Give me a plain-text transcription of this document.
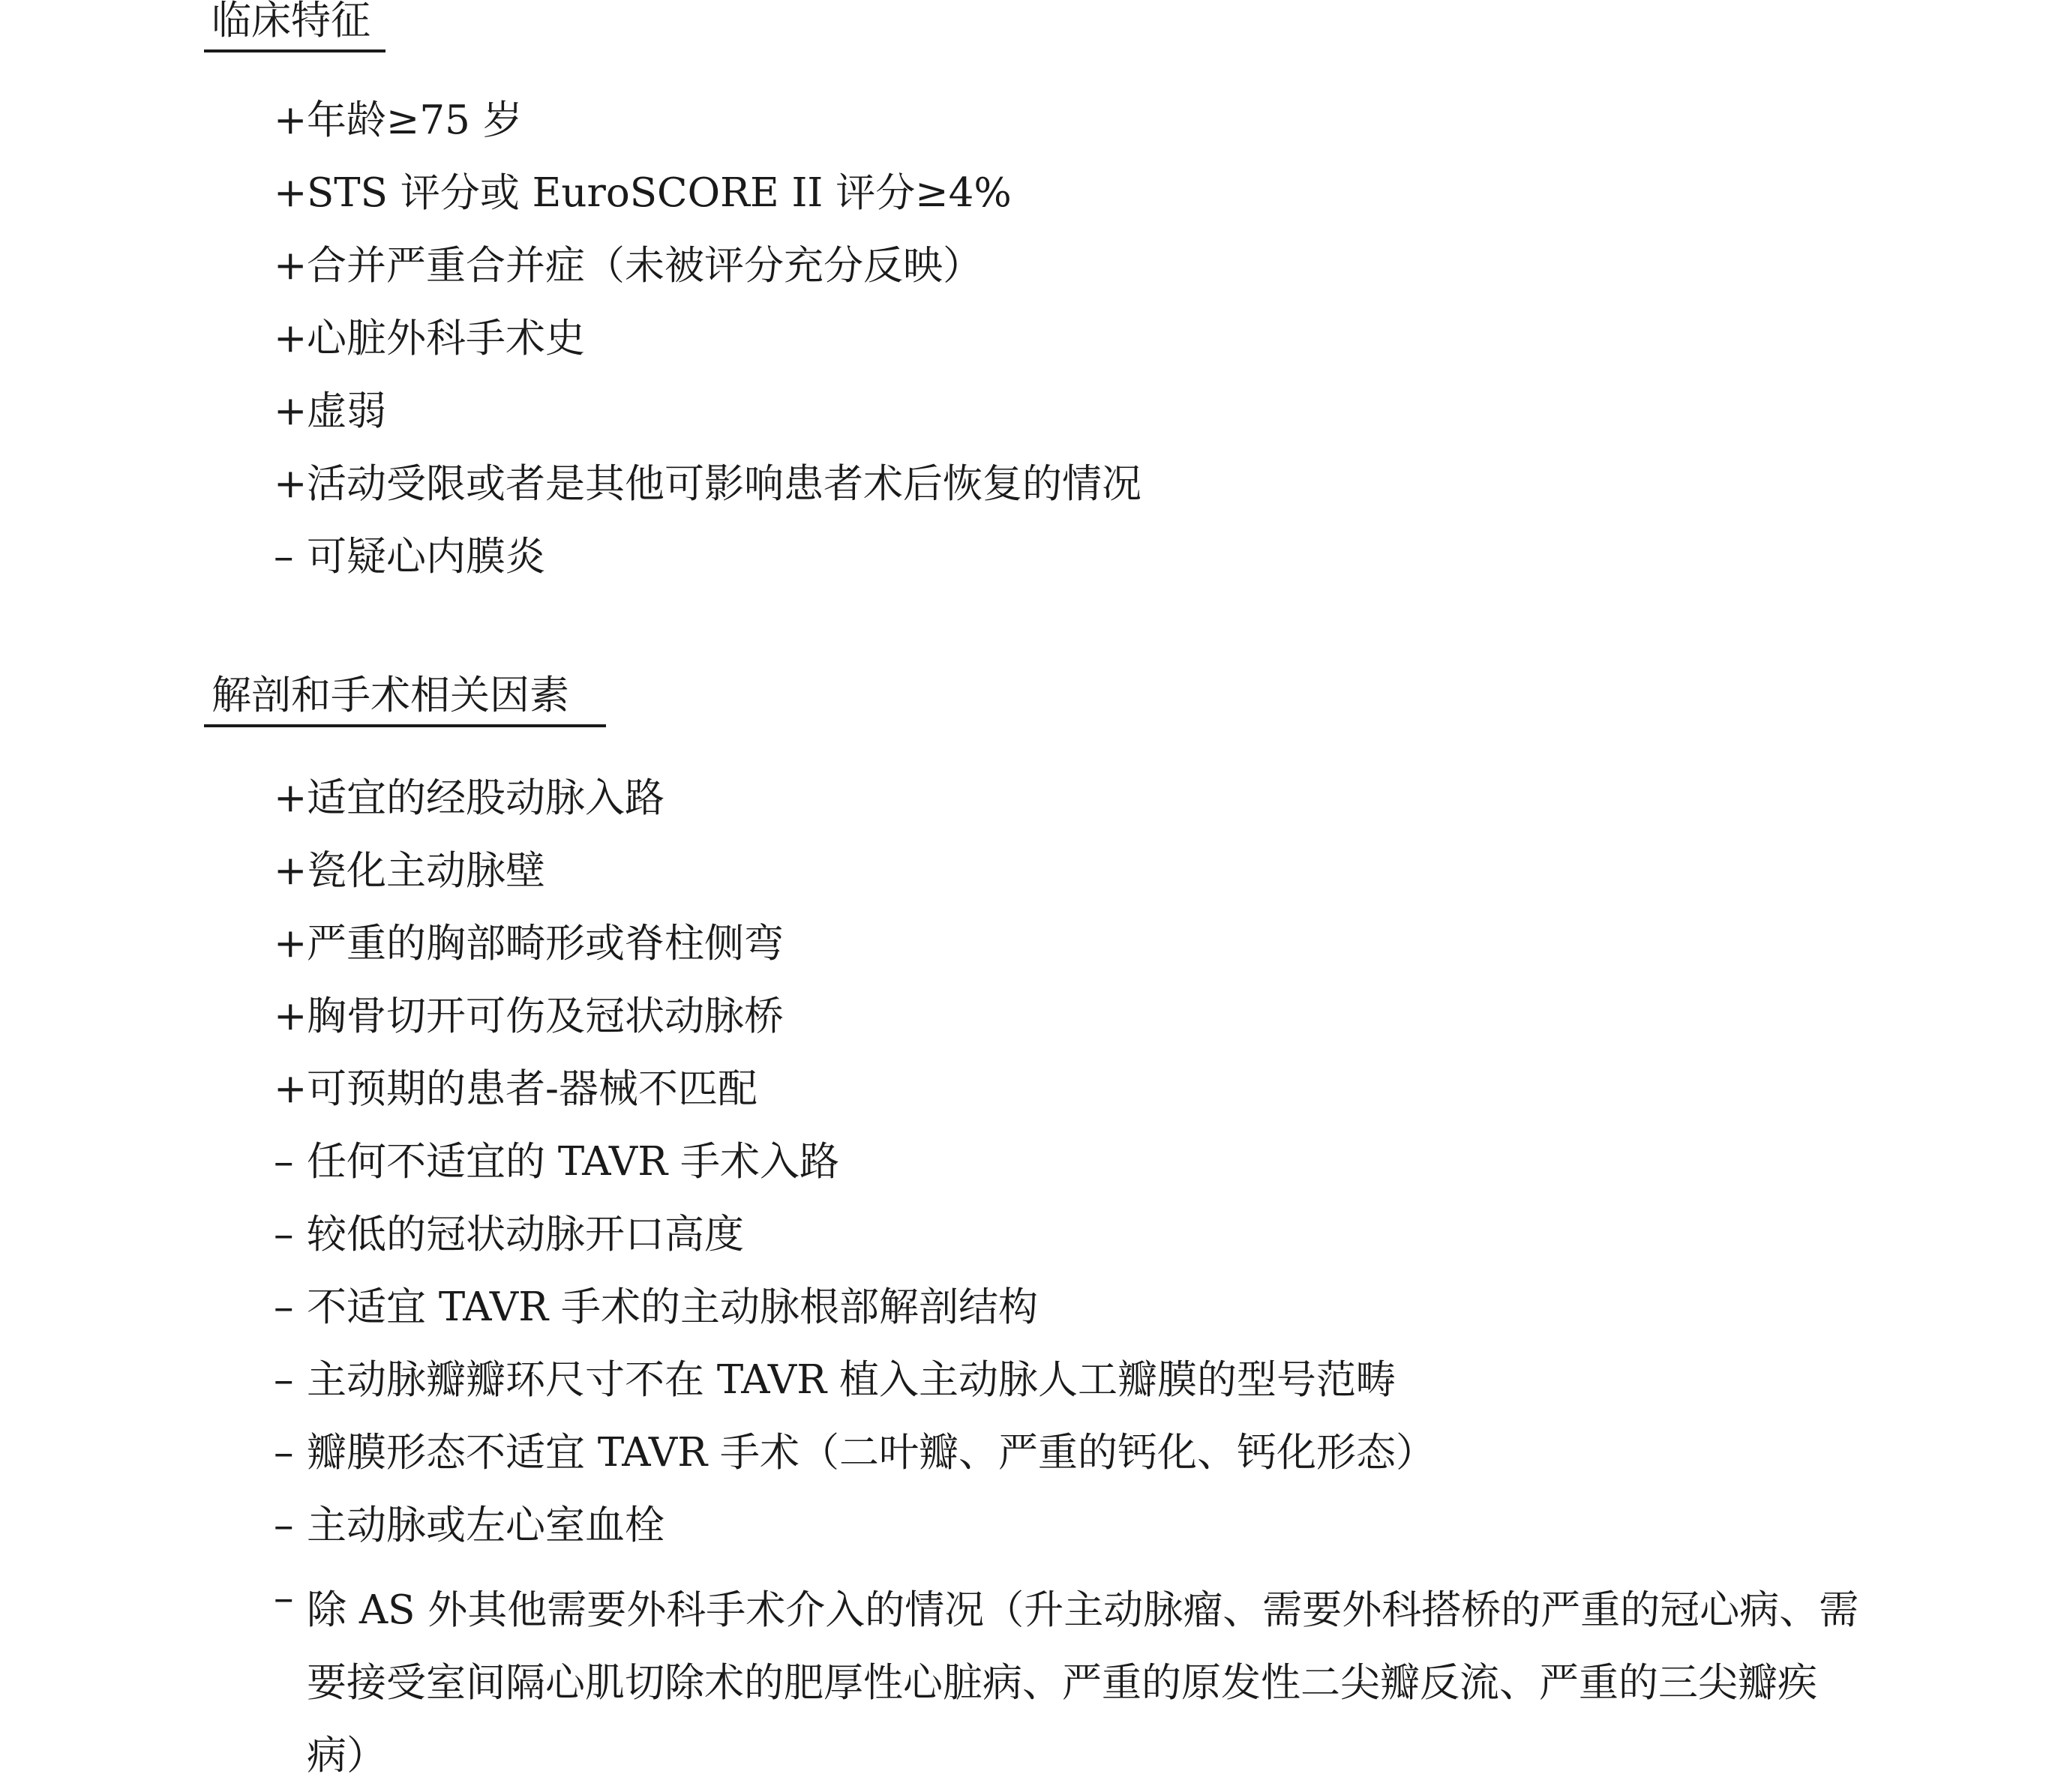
临床特征
+ 年龄≥75 岁
+ STS 评分或 EuroSCORE II 评分≥4%
+ 合并严重合并症（未被评分充分反映）
+ 心脏外科手术史
+ 虚弱
+ 活动受限或者是其他可影响患者术后恢复的情况
– 可疑心内膜炎
解剖和手术相关因素
+ 适宜的经股动脉入路
+ 瓷化主动脉壁
+ 严重的胸部畸形或脊柱侧弯
+ 胸骨切开可伤及冠状动脉桥
+ 可预期的患者-器械不匹配
– 任何不适宜的 TAVR 手术入路
– 较低的冠状动脉开口高度
– 不适宜 TAVR 手术的主动脉根部解剖结构
– 主动脉瓣瓣环尺寸不在 TAVR 植入主动脉人工瓣膜的型号范畴
– 瓣膜形态不适宜 TAVR 手术（二叶瓣、严重的钙化、钙化形态）
– 主动脉或左心室血栓
– 除 AS 外其他需要外科手术介入的情况（升主动脉瘤、需要外科搭桥的严重的冠心病、需要接受室间隔心肌切除术的肥厚性心脏病、严重的原发性二尖瓣反流、严重的三尖瓣疾病）
